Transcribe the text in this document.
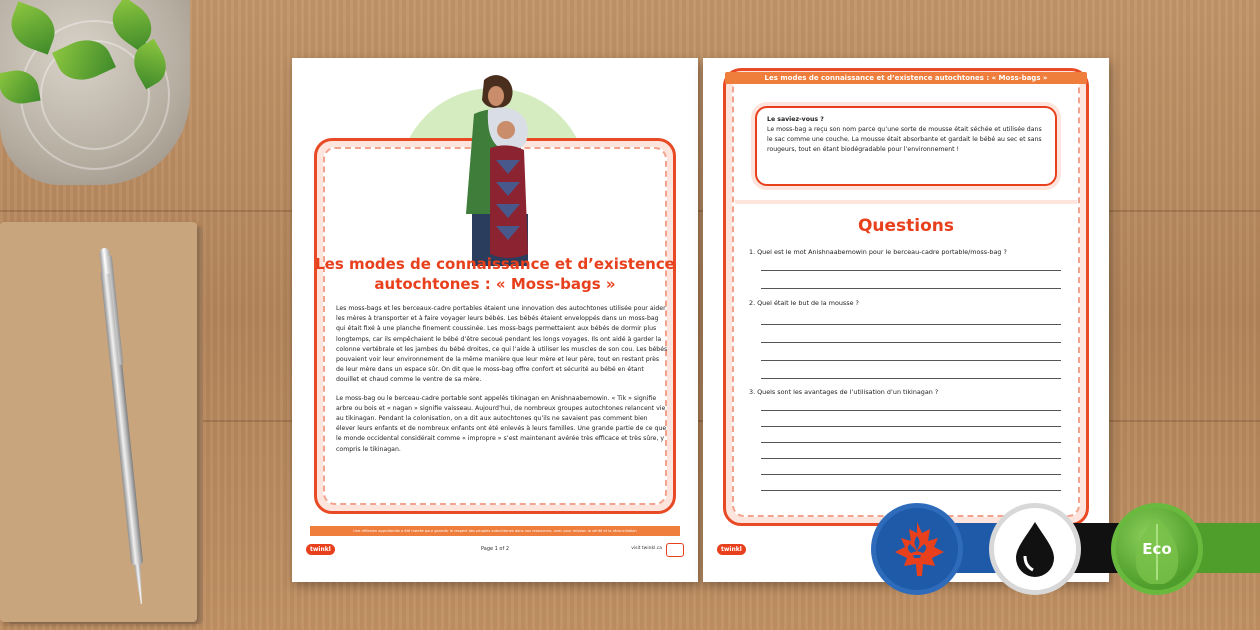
Les modes de connaissance et d’existence autochtones : « Moss-bags »

Les moss-bags et les berceaux-cadre portables étaient une innovation des autochtones utilisée pour aider les mères à transporter et à faire voyager leurs bébés. Les bébés étaient enveloppés dans un moss-bag qui était fixé à une planche finement coussinée. Les moss-bags permettaient aux bébés de dormir plus longtemps, car ils empêchaient le bébé d’être secoué pendant les longs voyages. Ils ont aidé à garder la colonne vertébrale et les jambes du bébé droites, ce qui l’aide à utiliser les muscles de son cou. Les bébés pouvaient voir leur environnement de la même manière que leur mère et leur père, tout en restant près de leur mère dans un espace sûr. On dit que le moss-bag offre confort et sécurité au bébé en étant douillet et chaud comme le ventre de sa mère.

Le moss-bag ou le berceau-cadre portable sont appelés tikinagan en Anishnaabemowin. « Tik » signifie arbre ou bois et « nagan » signifie vaisseau. Aujourd’hui, de nombreux groupes autochtones relancent vie au tikinagan. Pendant la colonisation, on a dit aux autochtones qu’ils ne savaient pas comment bien élever leurs enfants et de nombreux enfants ont été enlevés à leurs familles. Une grande partie de ce que le monde occidental considérait comme « impropre » s’est maintenant avérée très efficace et très sûre, y compris le tikinagan.

Une réflexion approfondie a été menée pour garantir le respect des peuples autochtones dans nos ressources, avec pour mission la vérité et la réconciliation
twinkl	Page 1 of 2	visit twinkl.ca
Les modes de connaissance et d’existence autochtones : « Moss-bags »
Le saviez-vous ?
Le moss-bag a reçu son nom parce qu’une sorte de mousse était séchée et utilisée dans le sac comme une couche. La mousse était absorbante et gardait le bébé au sec et sans rougeurs, tout en étant biodégradable pour l’environnement !
Questions
1. Quel est le mot Anishnaabemowin pour le berceau-cadre portable/moss-bag ?
2. Quel était le but de la mousse ?
3. Quels sont les avantages de l’utilisation d’un tikinagan ?
twinkl	Eco
